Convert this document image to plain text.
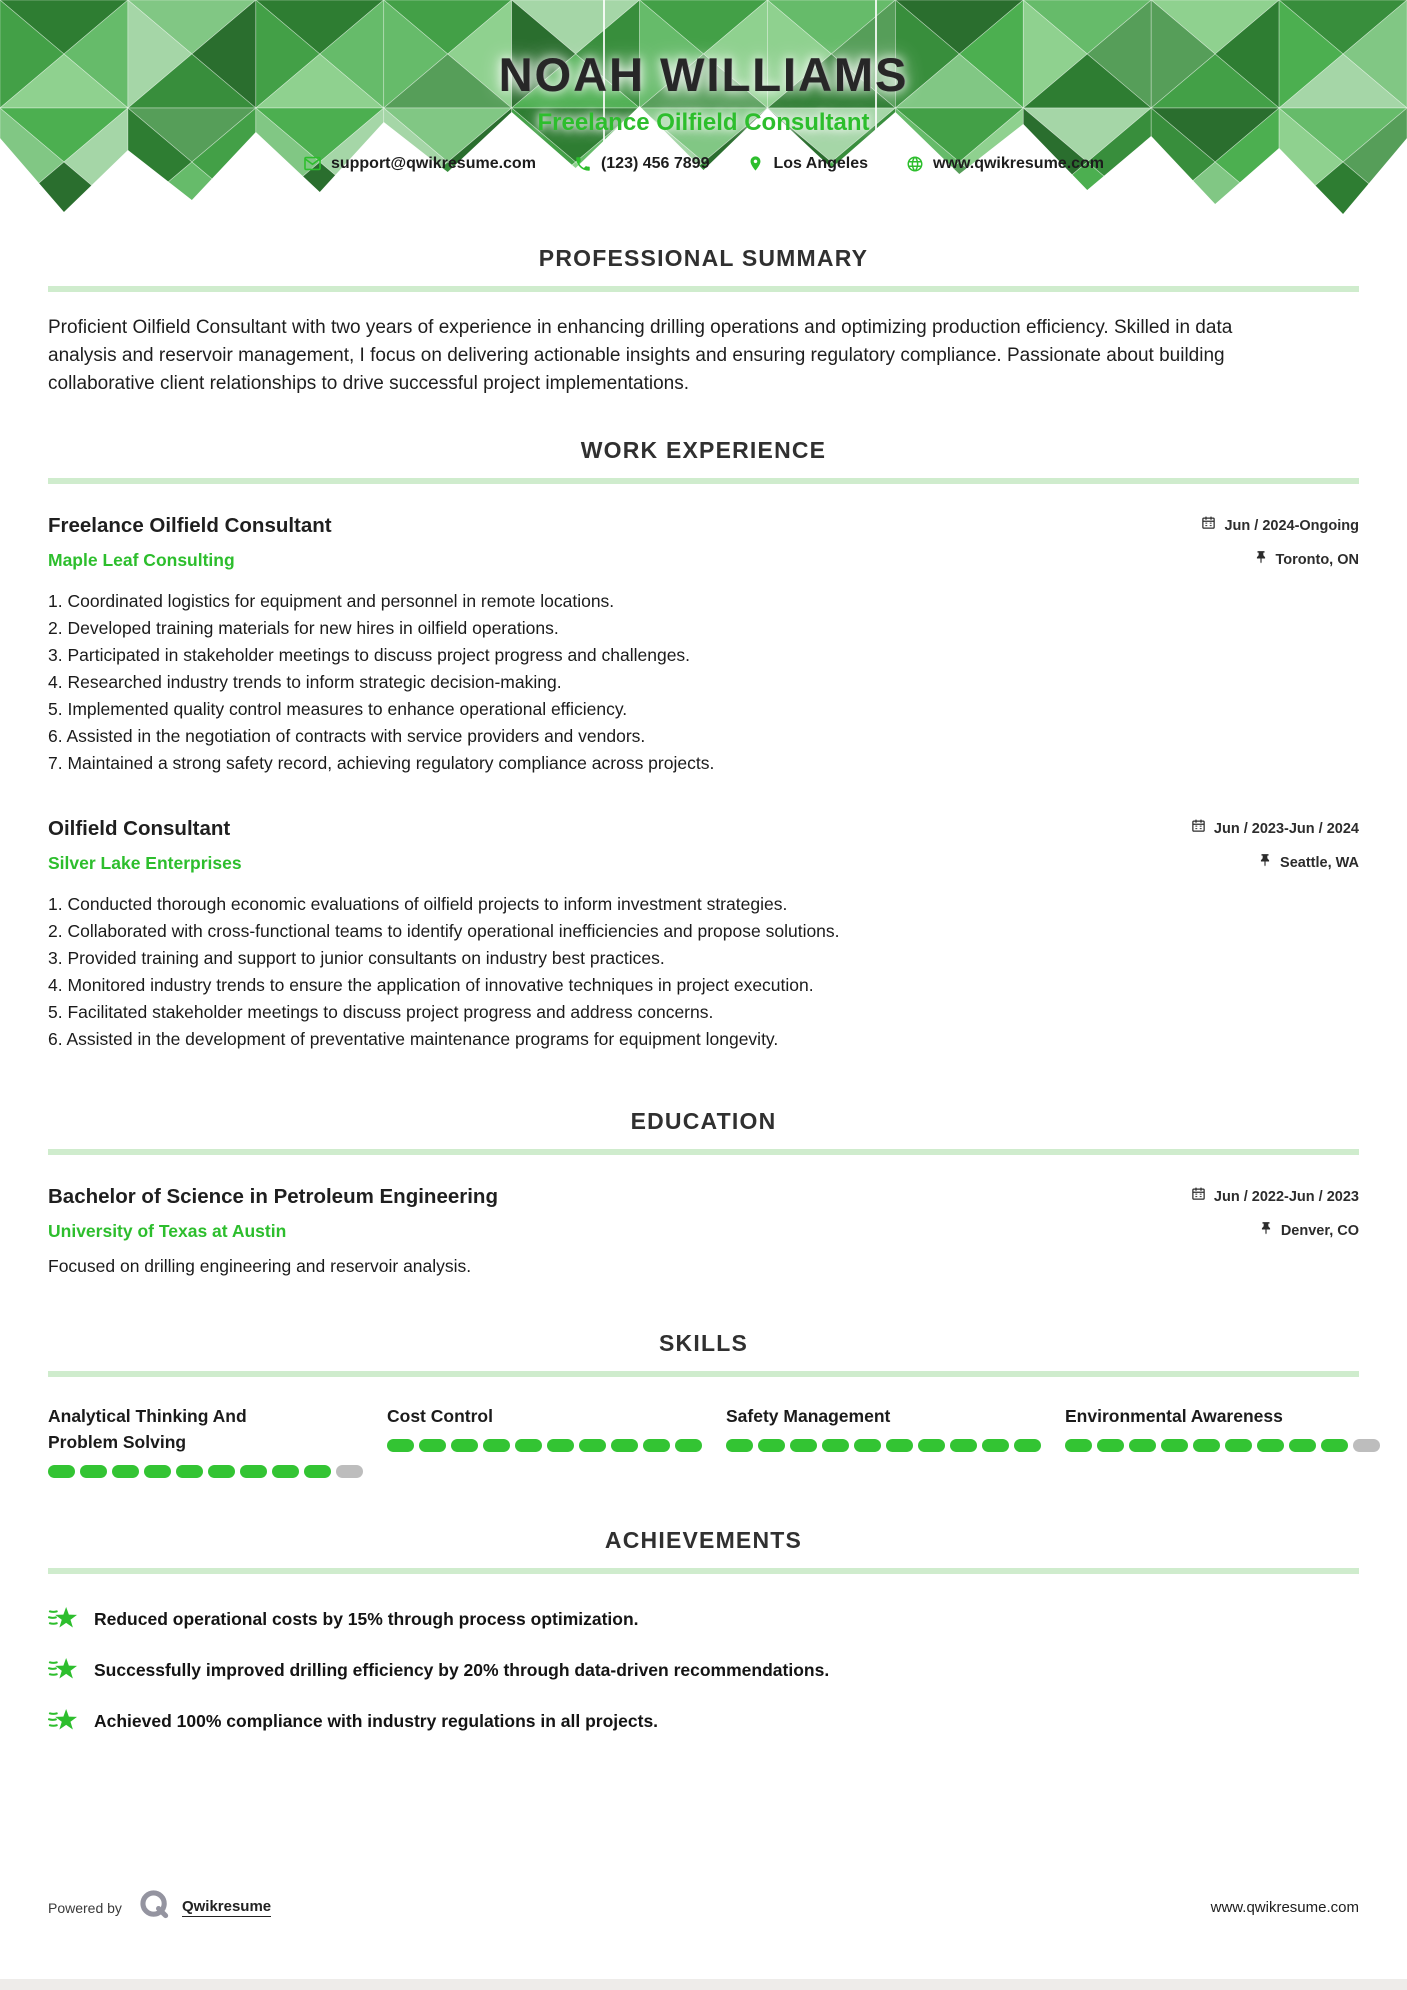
NOAH WILLIAMS
Freelance Oilfield Consultant
support@qwikresume.com	(123) 456 7899	Los Angeles	www.qwikresume.com
PROFESSIONAL SUMMARY

Proficient Oilfield Consultant with two years of experience in enhancing drilling operations and optimizing production efficiency. Skilled in data analysis and reservoir management, I focus on delivering actionable insights and ensuring regulatory compliance. Passionate about building collaborative client relationships to drive successful project implementations.

WORK EXPERIENCE
Freelance Oilfield Consultant
Maple Leaf Consulting
Jun / 2024-Ongoing
Toronto, ON
Coordinated logistics for equipment and personnel in remote locations.
Developed training materials for new hires in oilfield operations.
Participated in stakeholder meetings to discuss project progress and challenges.
Researched industry trends to inform strategic decision-making.
Implemented quality control measures to enhance operational efficiency.
Assisted in the negotiation of contracts with service providers and vendors.
Maintained a strong safety record, achieving regulatory compliance across projects.
Oilfield Consultant
Silver Lake Enterprises
Jun / 2023-Jun / 2024
Seattle, WA
Conducted thorough economic evaluations of oilfield projects to inform investment strategies.
Collaborated with cross-functional teams to identify operational inefficiencies and propose solutions.
Provided training and support to junior consultants on industry best practices.
Monitored industry trends to ensure the application of innovative techniques in project execution.
Facilitated stakeholder meetings to discuss project progress and address concerns.
Assisted in the development of preventative maintenance programs for equipment longevity.
EDUCATION
Bachelor of Science in Petroleum Engineering
University of Texas at Austin
Jun / 2022-Jun / 2023
Denver, CO
Focused on drilling engineering and reservoir analysis.
SKILLS
Analytical Thinking And Problem Solving
Cost Control	Safety Management	Environmental Awareness
ACHIEVEMENTS
Reduced operational costs by 15% through process optimization.
Successfully improved drilling efficiency by 20% through data-driven recommendations.
Achieved 100% compliance with industry regulations in all projects.
Powered by	Qwikresume	www.qwikresume.com
